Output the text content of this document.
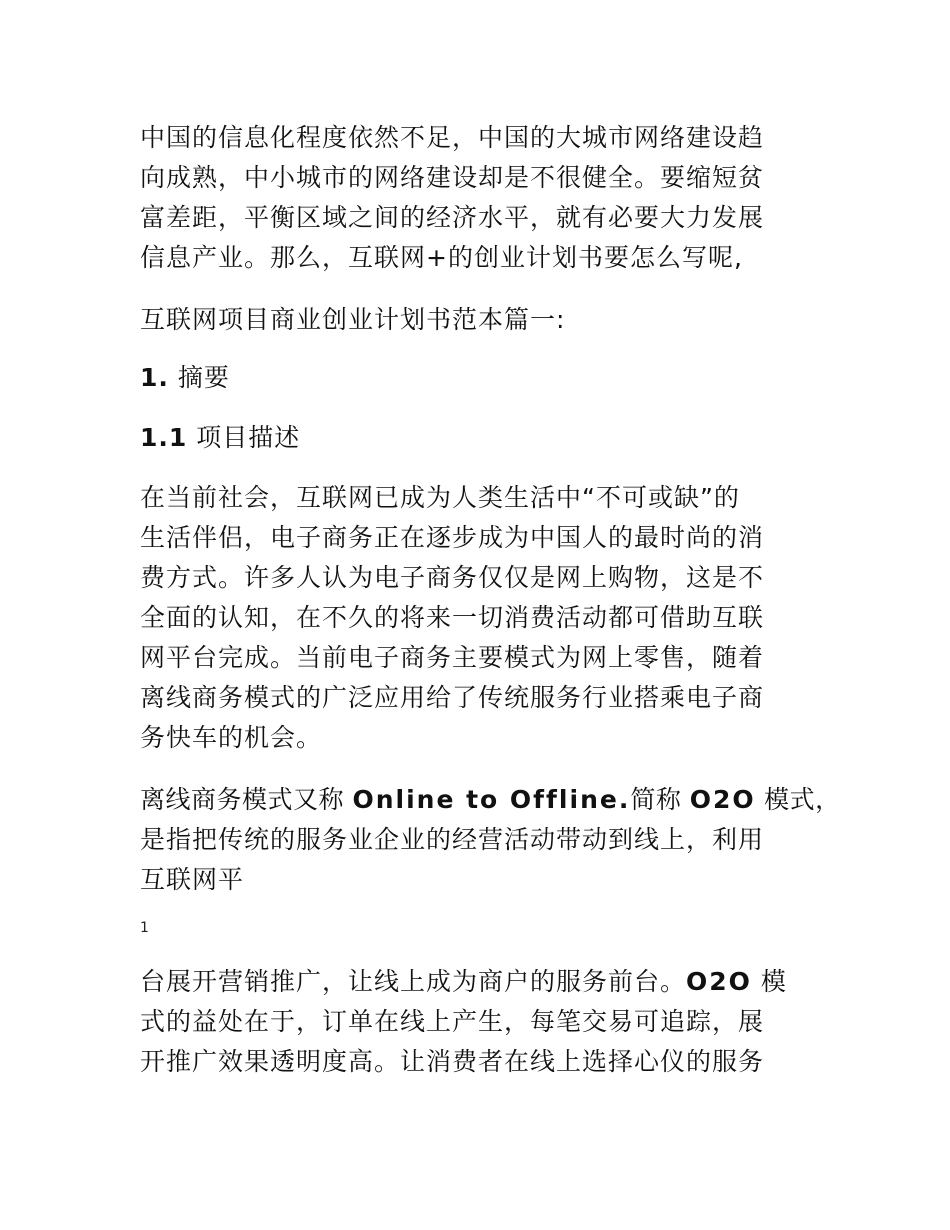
中国的信息化程度依然不足，中国的大城市网络建设趋
向成熟，中小城市的网络建设却是不很健全。要缩短贫
富差距，平衡区域之间的经济水平，就有必要大力发展
信息产业。那么，互联网+的创业计划书要怎么写呢,
互联网项目商业创业计划书范本篇一:
1. 摘要
1.1 项目描述
在当前社会，互联网已成为人类生活中“不可或缺”的
生活伴侣，电子商务正在逐步成为中国人的最时尚的消
费方式。许多人认为电子商务仅仅是网上购物，这是不
全面的认知，在不久的将来一切消费活动都可借助互联
网平台完成。当前电子商务主要模式为网上零售，随着
离线商务模式的广泛应用给了传统服务行业搭乘电子商
务快车的机会。
离线商务模式又称 Online to Offline.简称 O2O 模式，
是指把传统的服务业企业的经营活动带动到线上，利用
互联网平
1
台展开营销推广，让线上成为商户的服务前台。O2O 模
式的益处在于，订单在线上产生，每笔交易可追踪，展
开推广效果透明度高。让消费者在线上选择心仪的服务
